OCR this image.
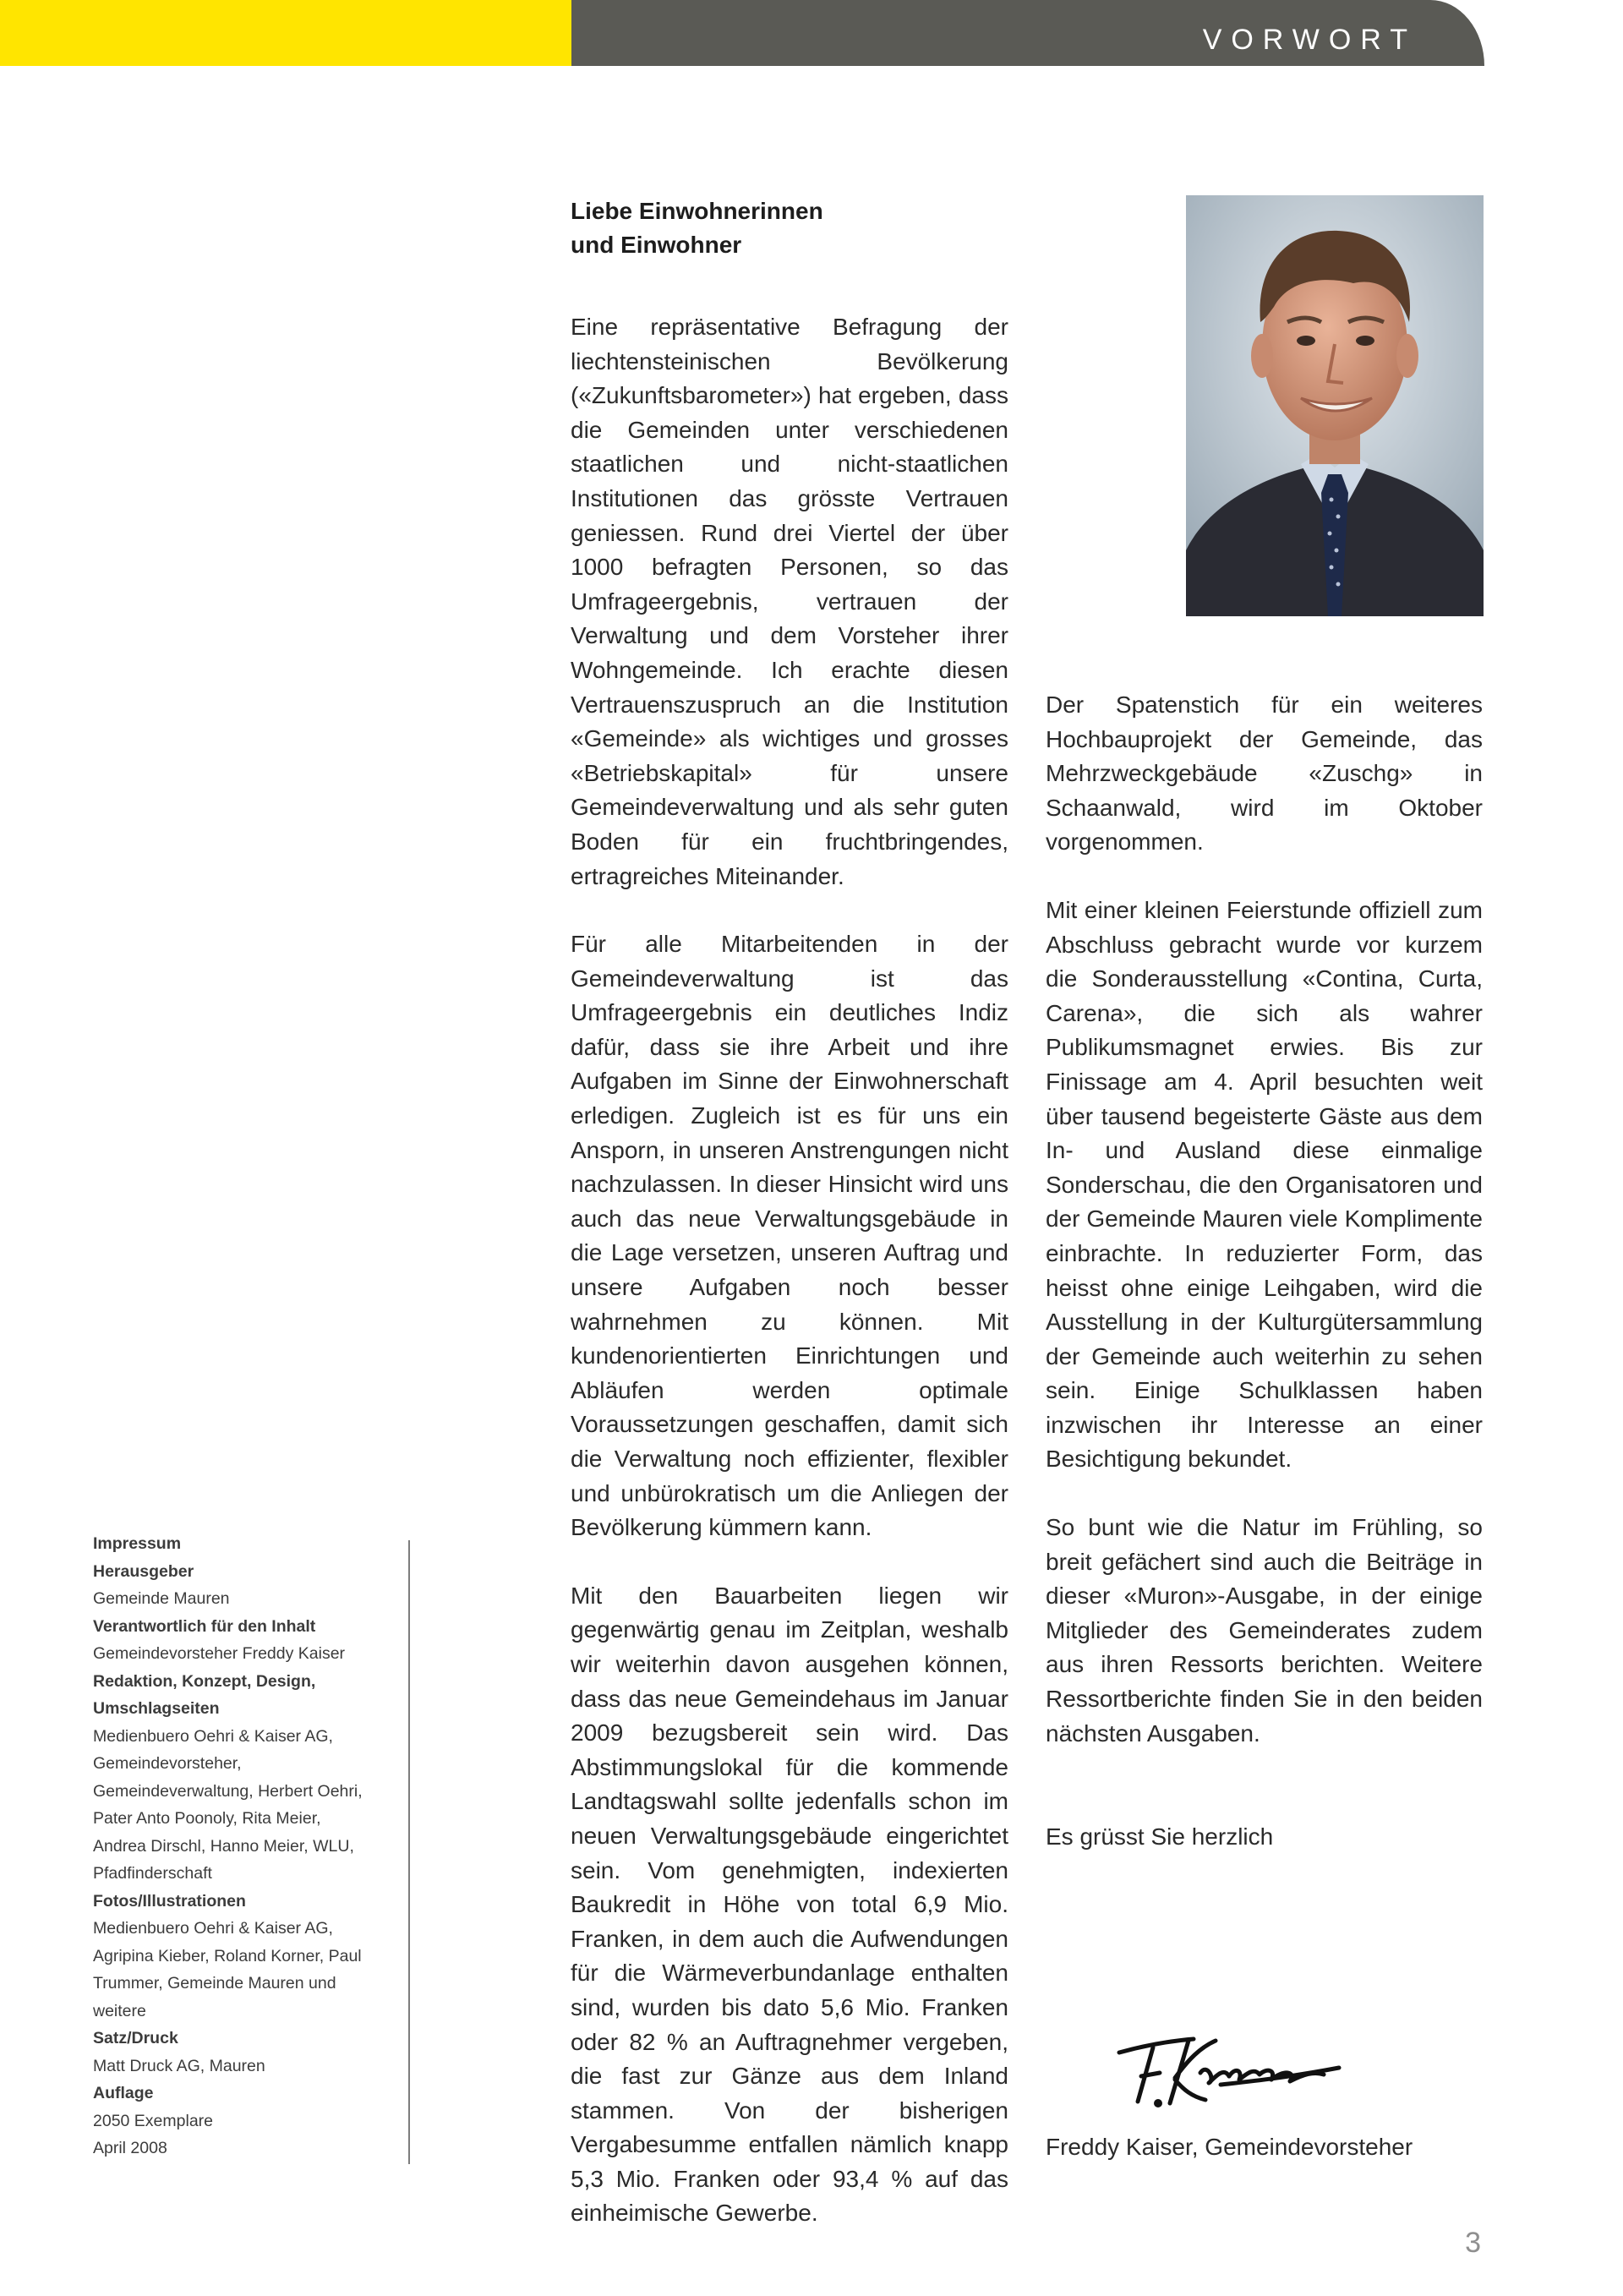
VORWORT
Liebe Einwohnerinnen
und Einwohner

Eine repräsentative Befragung der liechtensteinischen Bevölkerung («Zukunftsbarometer») hat ergeben, dass die Gemeinden unter verschiedenen staatlichen und nicht-staatlichen Institutionen das grösste Vertrauen geniessen. Rund drei Viertel der über 1000 befragten Personen, so das Umfrageergebnis, vertrauen der Verwaltung und dem Vorsteher ihrer Wohngemeinde. Ich erachte diesen Vertrauenszuspruch an die Institution «Gemeinde» als wichtiges und grosses «Betriebskapital» für unsere Gemeindeverwaltung und als sehr guten Boden für ein fruchtbringendes, ertragreiches Miteinander.

Für alle Mitarbeitenden in der Gemeindeverwaltung ist das Umfrageergebnis ein deutliches Indiz dafür, dass sie ihre Arbeit und ihre Aufgaben im Sinne der Einwohnerschaft erledigen. Zugleich ist es für uns ein Ansporn, in unseren Anstrengungen nicht nachzulassen. In dieser Hinsicht wird uns auch das neue Verwaltungsgebäude in die Lage versetzen, unseren Auftrag und unsere Aufgaben noch besser wahrnehmen zu können. Mit kundenorientierten Einrichtungen und Abläufen werden optimale Voraussetzungen geschaffen, damit sich die Verwaltung noch effizienter, flexibler und unbürokratisch um die Anliegen der Bevölkerung kümmern kann.

Mit den Bauarbeiten liegen wir gegenwärtig genau im Zeitplan, weshalb wir weiterhin davon ausgehen können, dass das neue Gemeindehaus im Januar 2009 bezugsbereit sein wird. Das Abstimmungslokal für die kommende Landtagswahl sollte jedenfalls schon im neuen Verwaltungsgebäude eingerichtet sein. Vom genehmigten, indexierten Baukredit in Höhe von total 6,9 Mio. Franken, in dem auch die Aufwendungen für die Wärmeverbundanlage enthalten sind, wurden bis dato 5,6 Mio. Franken oder 82 % an Auftragnehmer vergeben, die fast zur Gänze aus dem Inland stammen. Von der bisherigen Vergabesumme entfallen nämlich knapp 5,3 Mio. Franken oder 93,4 % auf das einheimische Gewerbe.

Der Spatenstich für ein weiteres Hochbauprojekt der Gemeinde, das Mehrzweckgebäude «Zuschg» in Schaanwald, wird im Oktober vorgenommen.

Mit einer kleinen Feierstunde offiziell zum Abschluss gebracht wurde vor kurzem die Sonderausstellung «Contina, Curta, Carena», die sich als wahrer Publikumsmagnet erwies. Bis zur Finissage am 4. April besuchten weit über tausend begeisterte Gäste aus dem In- und Ausland diese einmalige Sonderschau, die den Organisatoren und der Gemeinde Mauren viele Komplimente einbrachte. In reduzierter Form, das heisst ohne einige Leihgaben, wird die Ausstellung in der Kulturgütersammlung der Gemeinde auch weiterhin zu sehen sein. Einige Schulklassen haben inzwischen ihr Interesse an einer Besichtigung bekundet.

So bunt wie die Natur im Frühling, so breit gefächert sind auch die Beiträge in dieser «Muron»-Ausgabe, in der einige Mitglieder des Gemeinderates zudem aus ihren Ressorts berichten. Weitere Ressortberichte finden Sie in den beiden nächsten Ausgaben.

Es grüsst Sie herzlich

Freddy Kaiser, Gemeindevorsteher

Impressum

Herausgeber
Gemeinde Mauren
Verantwortlich für den Inhalt
Gemeindevorsteher Freddy Kaiser
Redaktion, Konzept, Design, Umschlagseiten
Medienbuero Oehri & Kaiser AG, Gemeindevorsteher, Gemeindeverwaltung, Herbert Oehri, Pater Anto Poonoly, Rita Meier, Andrea Dirschl, Hanno Meier, WLU, Pfadfinderschaft
Fotos/Illustrationen
Medienbuero Oehri & Kaiser AG, Agripina Kieber, Roland Korner, Paul Trummer, Gemeinde Mauren und weitere
Satz/Druck
Matt Druck AG, Mauren
Auflage
2050 Exemplare
April 2008

3
